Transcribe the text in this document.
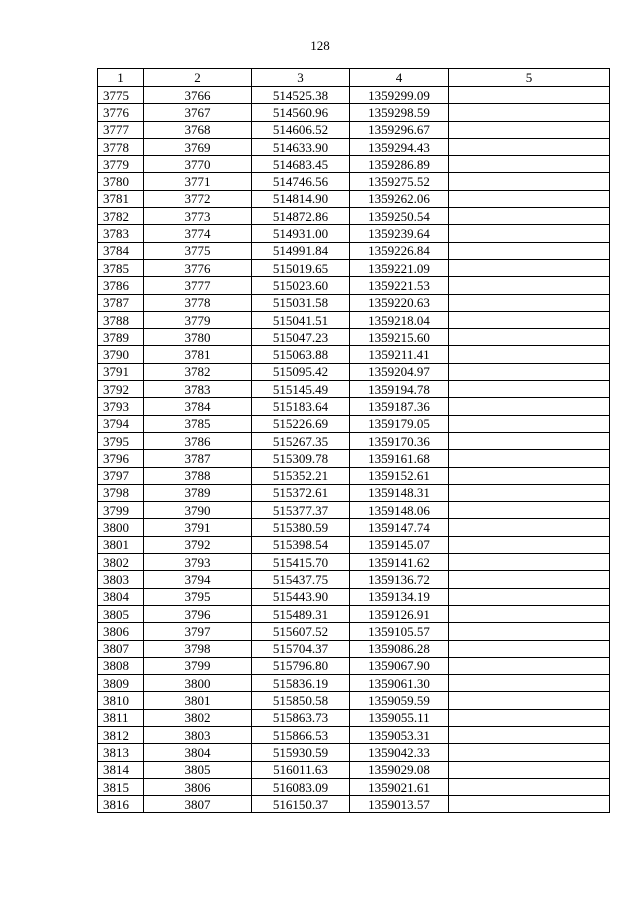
128
1	2	3	4	5
3775	3766	514525.38	1359299.09	
3776	3767	514560.96	1359298.59	
3777	3768	514606.52	1359296.67	
3778	3769	514633.90	1359294.43	
3779	3770	514683.45	1359286.89	
3780	3771	514746.56	1359275.52	
3781	3772	514814.90	1359262.06	
3782	3773	514872.86	1359250.54	
3783	3774	514931.00	1359239.64	
3784	3775	514991.84	1359226.84	
3785	3776	515019.65	1359221.09	
3786	3777	515023.60	1359221.53	
3787	3778	515031.58	1359220.63	
3788	3779	515041.51	1359218.04	
3789	3780	515047.23	1359215.60	
3790	3781	515063.88	1359211.41	
3791	3782	515095.42	1359204.97	
3792	3783	515145.49	1359194.78	
3793	3784	515183.64	1359187.36	
3794	3785	515226.69	1359179.05	
3795	3786	515267.35	1359170.36	
3796	3787	515309.78	1359161.68	
3797	3788	515352.21	1359152.61	
3798	3789	515372.61	1359148.31	
3799	3790	515377.37	1359148.06	
3800	3791	515380.59	1359147.74	
3801	3792	515398.54	1359145.07	
3802	3793	515415.70	1359141.62	
3803	3794	515437.75	1359136.72	
3804	3795	515443.90	1359134.19	
3805	3796	515489.31	1359126.91	
3806	3797	515607.52	1359105.57	
3807	3798	515704.37	1359086.28	
3808	3799	515796.80	1359067.90	
3809	3800	515836.19	1359061.30	
3810	3801	515850.58	1359059.59	
3811	3802	515863.73	1359055.11	
3812	3803	515866.53	1359053.31	
3813	3804	515930.59	1359042.33	
3814	3805	516011.63	1359029.08	
3815	3806	516083.09	1359021.61	
3816	3807	516150.37	1359013.57	
